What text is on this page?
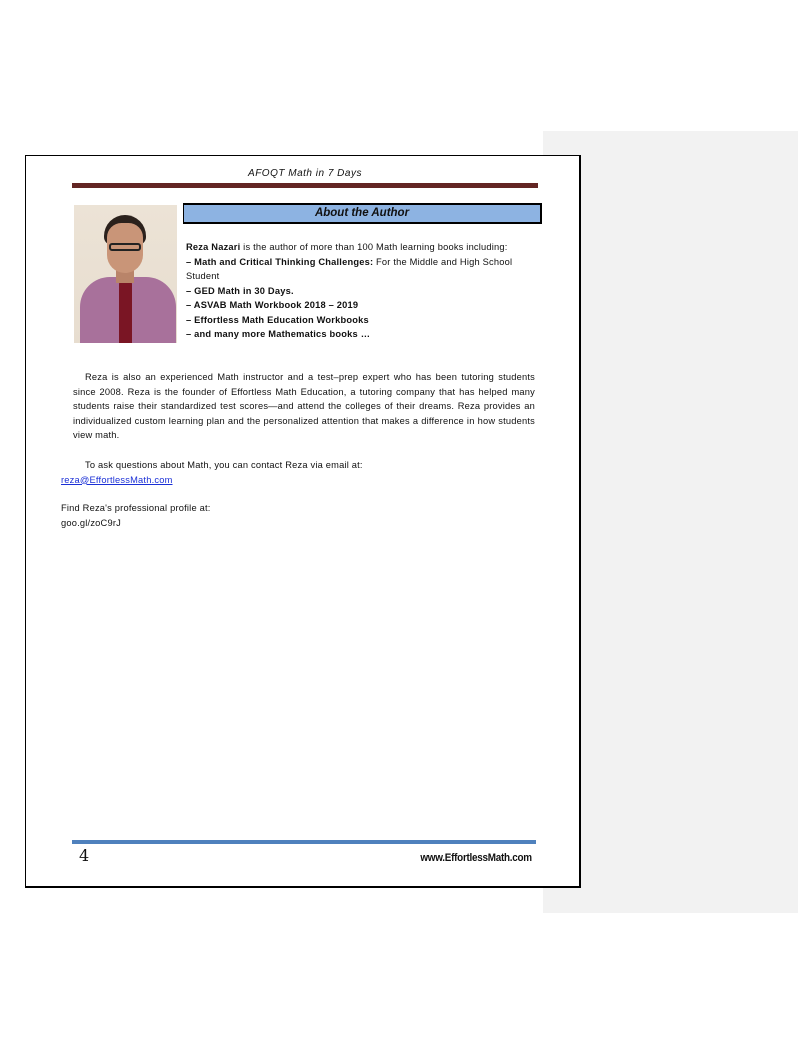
AFOQT Math in 7 Days
About the Author
Reza Nazari is the author of more than 100 Math learning books including:
– Math and Critical Thinking Challenges: For the Middle and High School Student
– GED Math in 30 Days.
– ASVAB Math Workbook 2018 – 2019
– Effortless Math Education Workbooks
– and many more Mathematics books …
Reza is also an experienced Math instructor and a test–prep expert who has been tutoring students since 2008. Reza is the founder of Effortless Math Education, a tutoring company that has helped many students raise their standardized test scores—and attend the colleges of their dreams. Reza provides an individualized custom learning plan and the personalized attention that makes a difference in how students view math.
To ask questions about Math, you can contact Reza via email at:
reza@EffortlessMath.com
Find Reza's professional profile at:
goo.gl/zoC9rJ
4	www.EffortlessMath.com
